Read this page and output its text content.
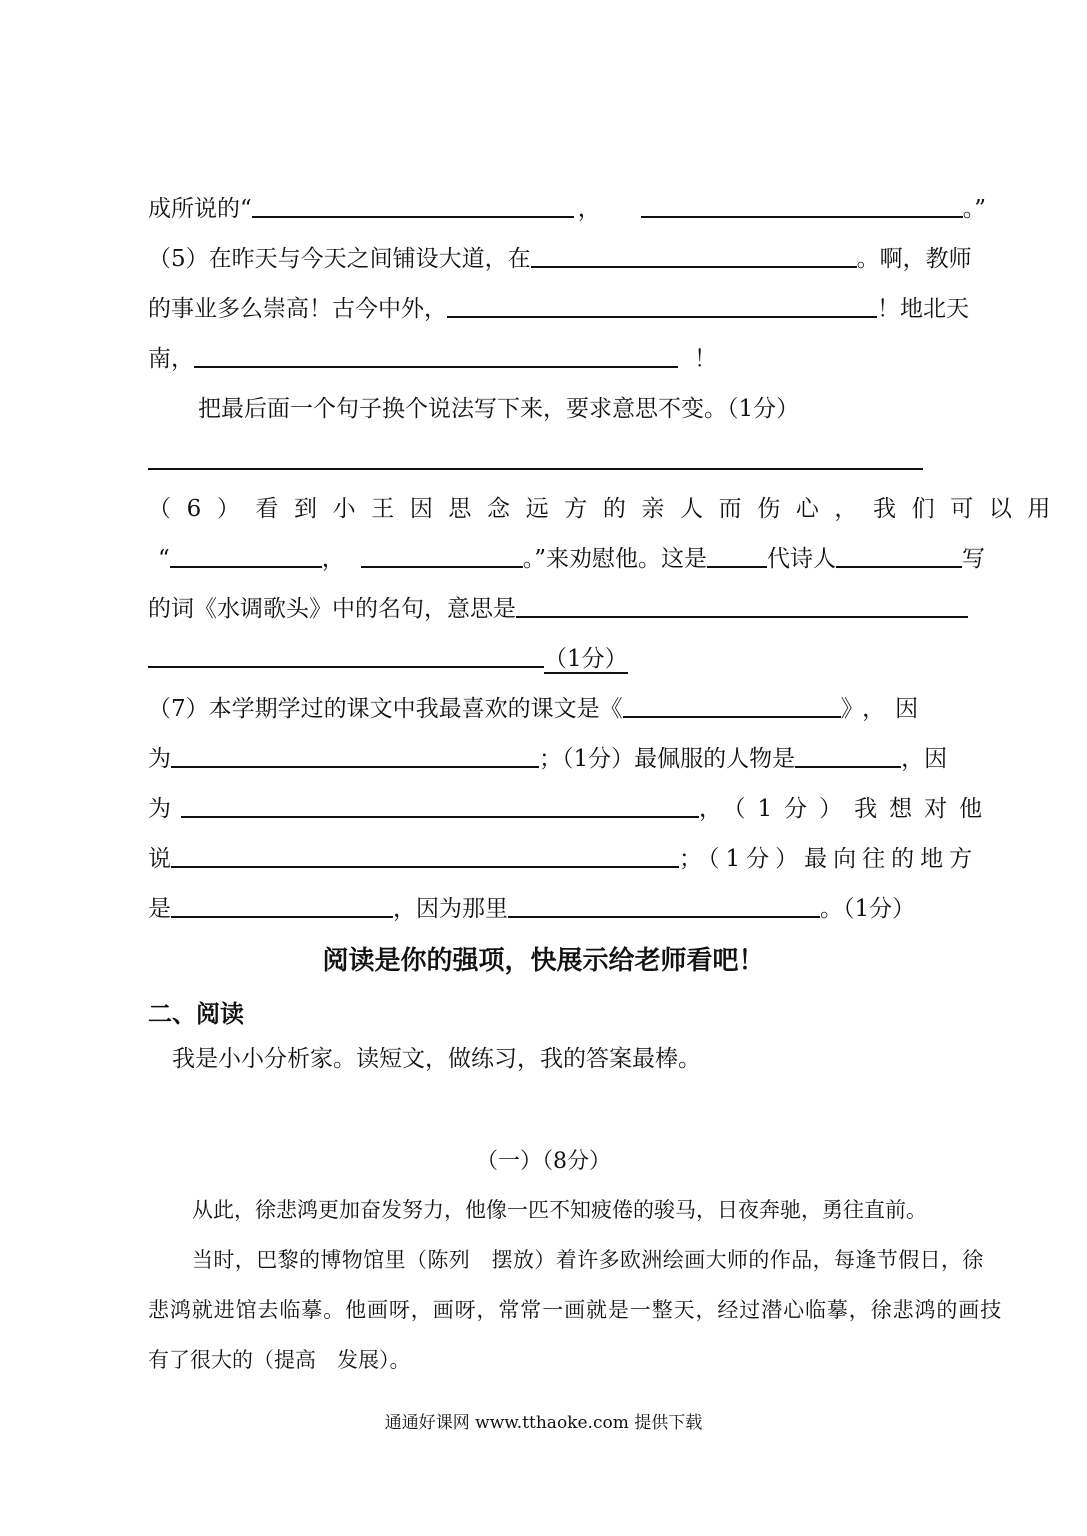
成所说的“	，	。”
（5）在昨天与今天之间铺设大道，在	。啊，教师
的事业多么崇高！古今中外，	！地北天
南，	！
把最后面一个句子换个说法写下来，要求意思不变。（1分）
（6）看到小王因思念远方的亲人而伤心，我们可以用
“	，	。”来劝慰他。这是	代诗人	写
的词《水调歌头》中的名句，意思是
（1分）
（7）本学期学过的课文中我最喜欢的课文是《	》，因
为	；（1分）最佩服的人物是	，因
为	，（1分）我想对他
说	；（1分）最向往的地方
是	，因为那里	。（1分）
阅读是你的强项，快展示给老师看吧！
二、阅读
我是小小分析家。读短文，做练习，我的答案最棒。
（一）（8分）
从此，徐悲鸿更加奋发努力，他像一匹不知疲倦的骏马，日夜奔驰，勇往直前。
当时，巴黎的博物馆里（陈列　摆放）着许多欧洲绘画大师的作品，每逢节假日，徐
悲鸿就进馆去临摹。他画呀，画呀，常常一画就是一整天，经过潜心临摹，徐悲鸿的画技
有了很大的（提高　发展）。
通通好课网 www.tthaoke.com 提供下载
